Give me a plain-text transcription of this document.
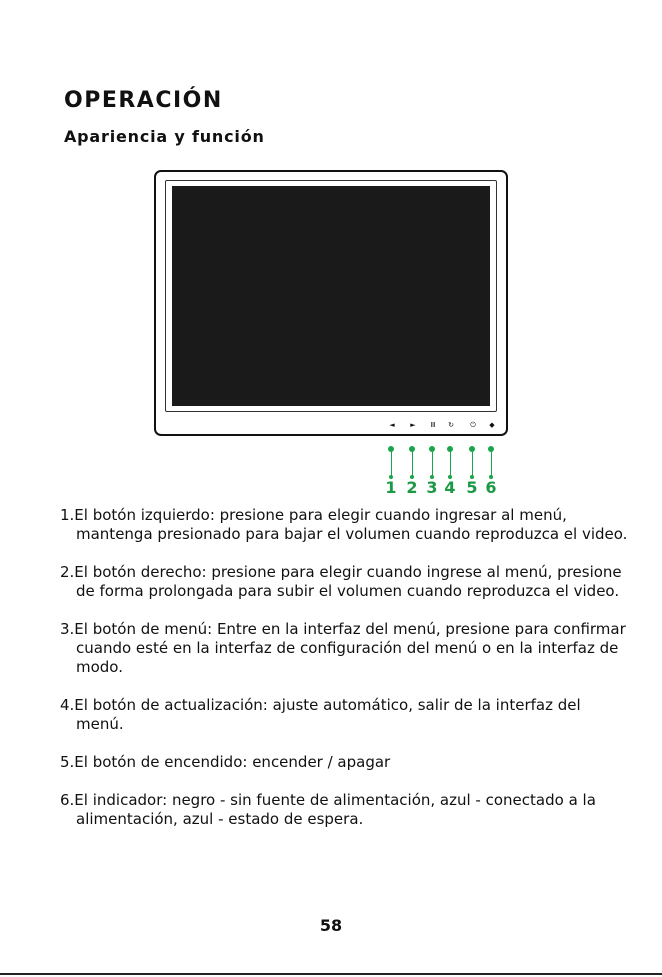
OPERACIÓN
Apariencia y función
◄	►	Ⅲ	↻	⏻	◆
1 2 3 4 5 6
1.El botón izquierdo: presione para elegir cuando ingresar al menú, mantenga presionado para bajar el volumen cuando reproduzca el video.
2.El botón derecho: presione para elegir cuando ingrese al menú, presione de forma prolongada para subir el volumen cuando reproduzca el video.
3.El botón de menú: Entre en la interfaz del menú, presione para confirmar cuando esté en la interfaz de configuración del menú o en la interfaz de modo.
4.El botón de actualización: ajuste automático, salir de la interfaz del menú.
5.El botón de encendido: encender / apagar
6.El indicador: negro - sin fuente de alimentación, azul - conectado a la alimentación, azul - estado de espera.
58
